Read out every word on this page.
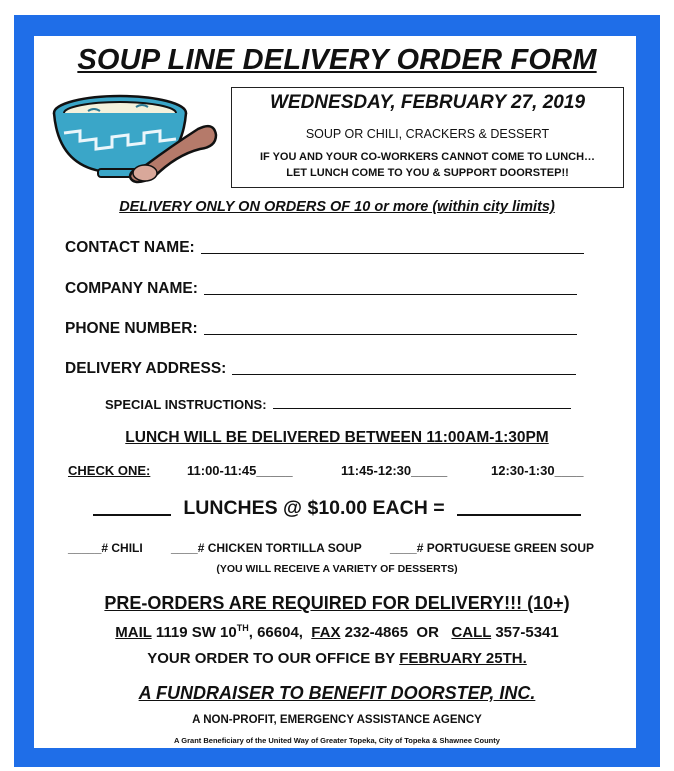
SOUP LINE DELIVERY ORDER FORM
WEDNESDAY, FEBRUARY 27, 2019
SOUP OR CHILI, CRACKERS & DESSERT
IF YOU AND YOUR CO-WORKERS CANNOT COME TO LUNCH…
LET LUNCH COME TO YOU & SUPPORT DOORSTEP!!
DELIVERY ONLY ON ORDERS OF 10 or more (within city limits)
CONTACT NAME:
COMPANY NAME:
PHONE NUMBER:
DELIVERY ADDRESS:
SPECIAL INSTRUCTIONS:
LUNCH WILL BE DELIVERED BETWEEN 11:00AM-1:30PM
CHECK ONE:	11:00-11:45_____	11:45-12:30_____	12:30-1:30____
LUNCHES @ $10.00 EACH =
_____# CHILI ____# CHICKEN TORTILLA SOUP ____# PORTUGUESE GREEN SOUP
(YOU WILL RECEIVE A VARIETY OF DESSERTS)
PRE-ORDERS ARE REQUIRED FOR DELIVERY!!! (10+)
MAIL 1119 SW 10TH, 66604, FAX 232-4865 OR CALL 357-5341
YOUR ORDER TO OUR OFFICE BY FEBRUARY 25TH.
A FUNDRAISER TO BENEFIT DOORSTEP, INC.
A NON-PROFIT, EMERGENCY ASSISTANCE AGENCY
A Grant Beneficiary of the United Way of Greater Topeka, City of Topeka & Shawnee County
